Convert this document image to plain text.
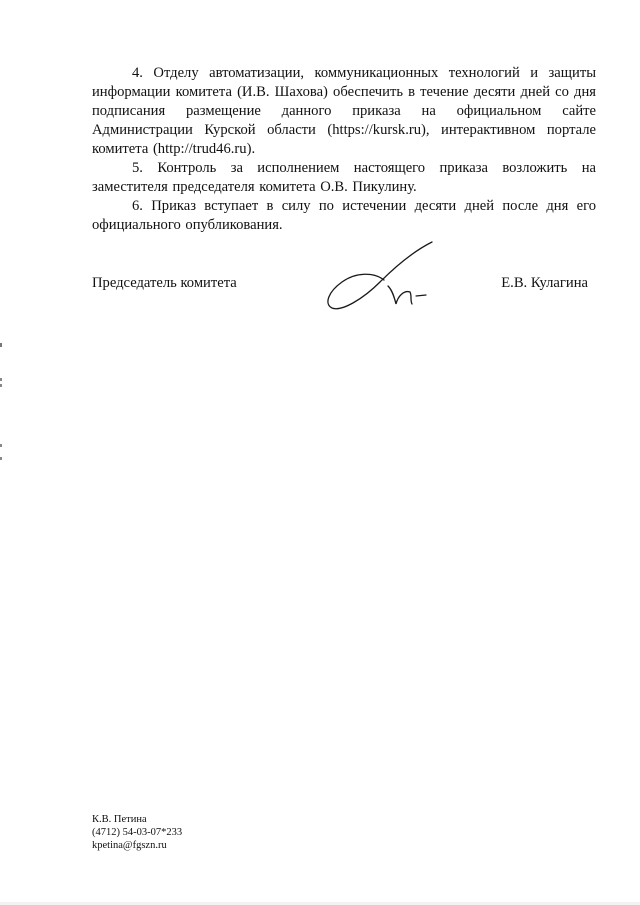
4. Отделу автоматизации, коммуникационных технологий и защиты информации комитета (И.В. Шахова) обеспечить в течение десяти дней со дня подписания размещение данного приказа на официальном сайте Администрации Курской области (https://kursk.ru), интерактивном портале комитета (http://trud46.ru).

5. Контроль за исполнением настоящего приказа возложить на заместителя председателя комитета О.В. Пикулину.

6. Приказ вступает в силу по истечении десяти дней после дня его официального опубликования.

Председатель комитета	Е.В. Кулагина
К.В. Петина
(4712) 54-03-07*233
kpetina@fgszn.ru
